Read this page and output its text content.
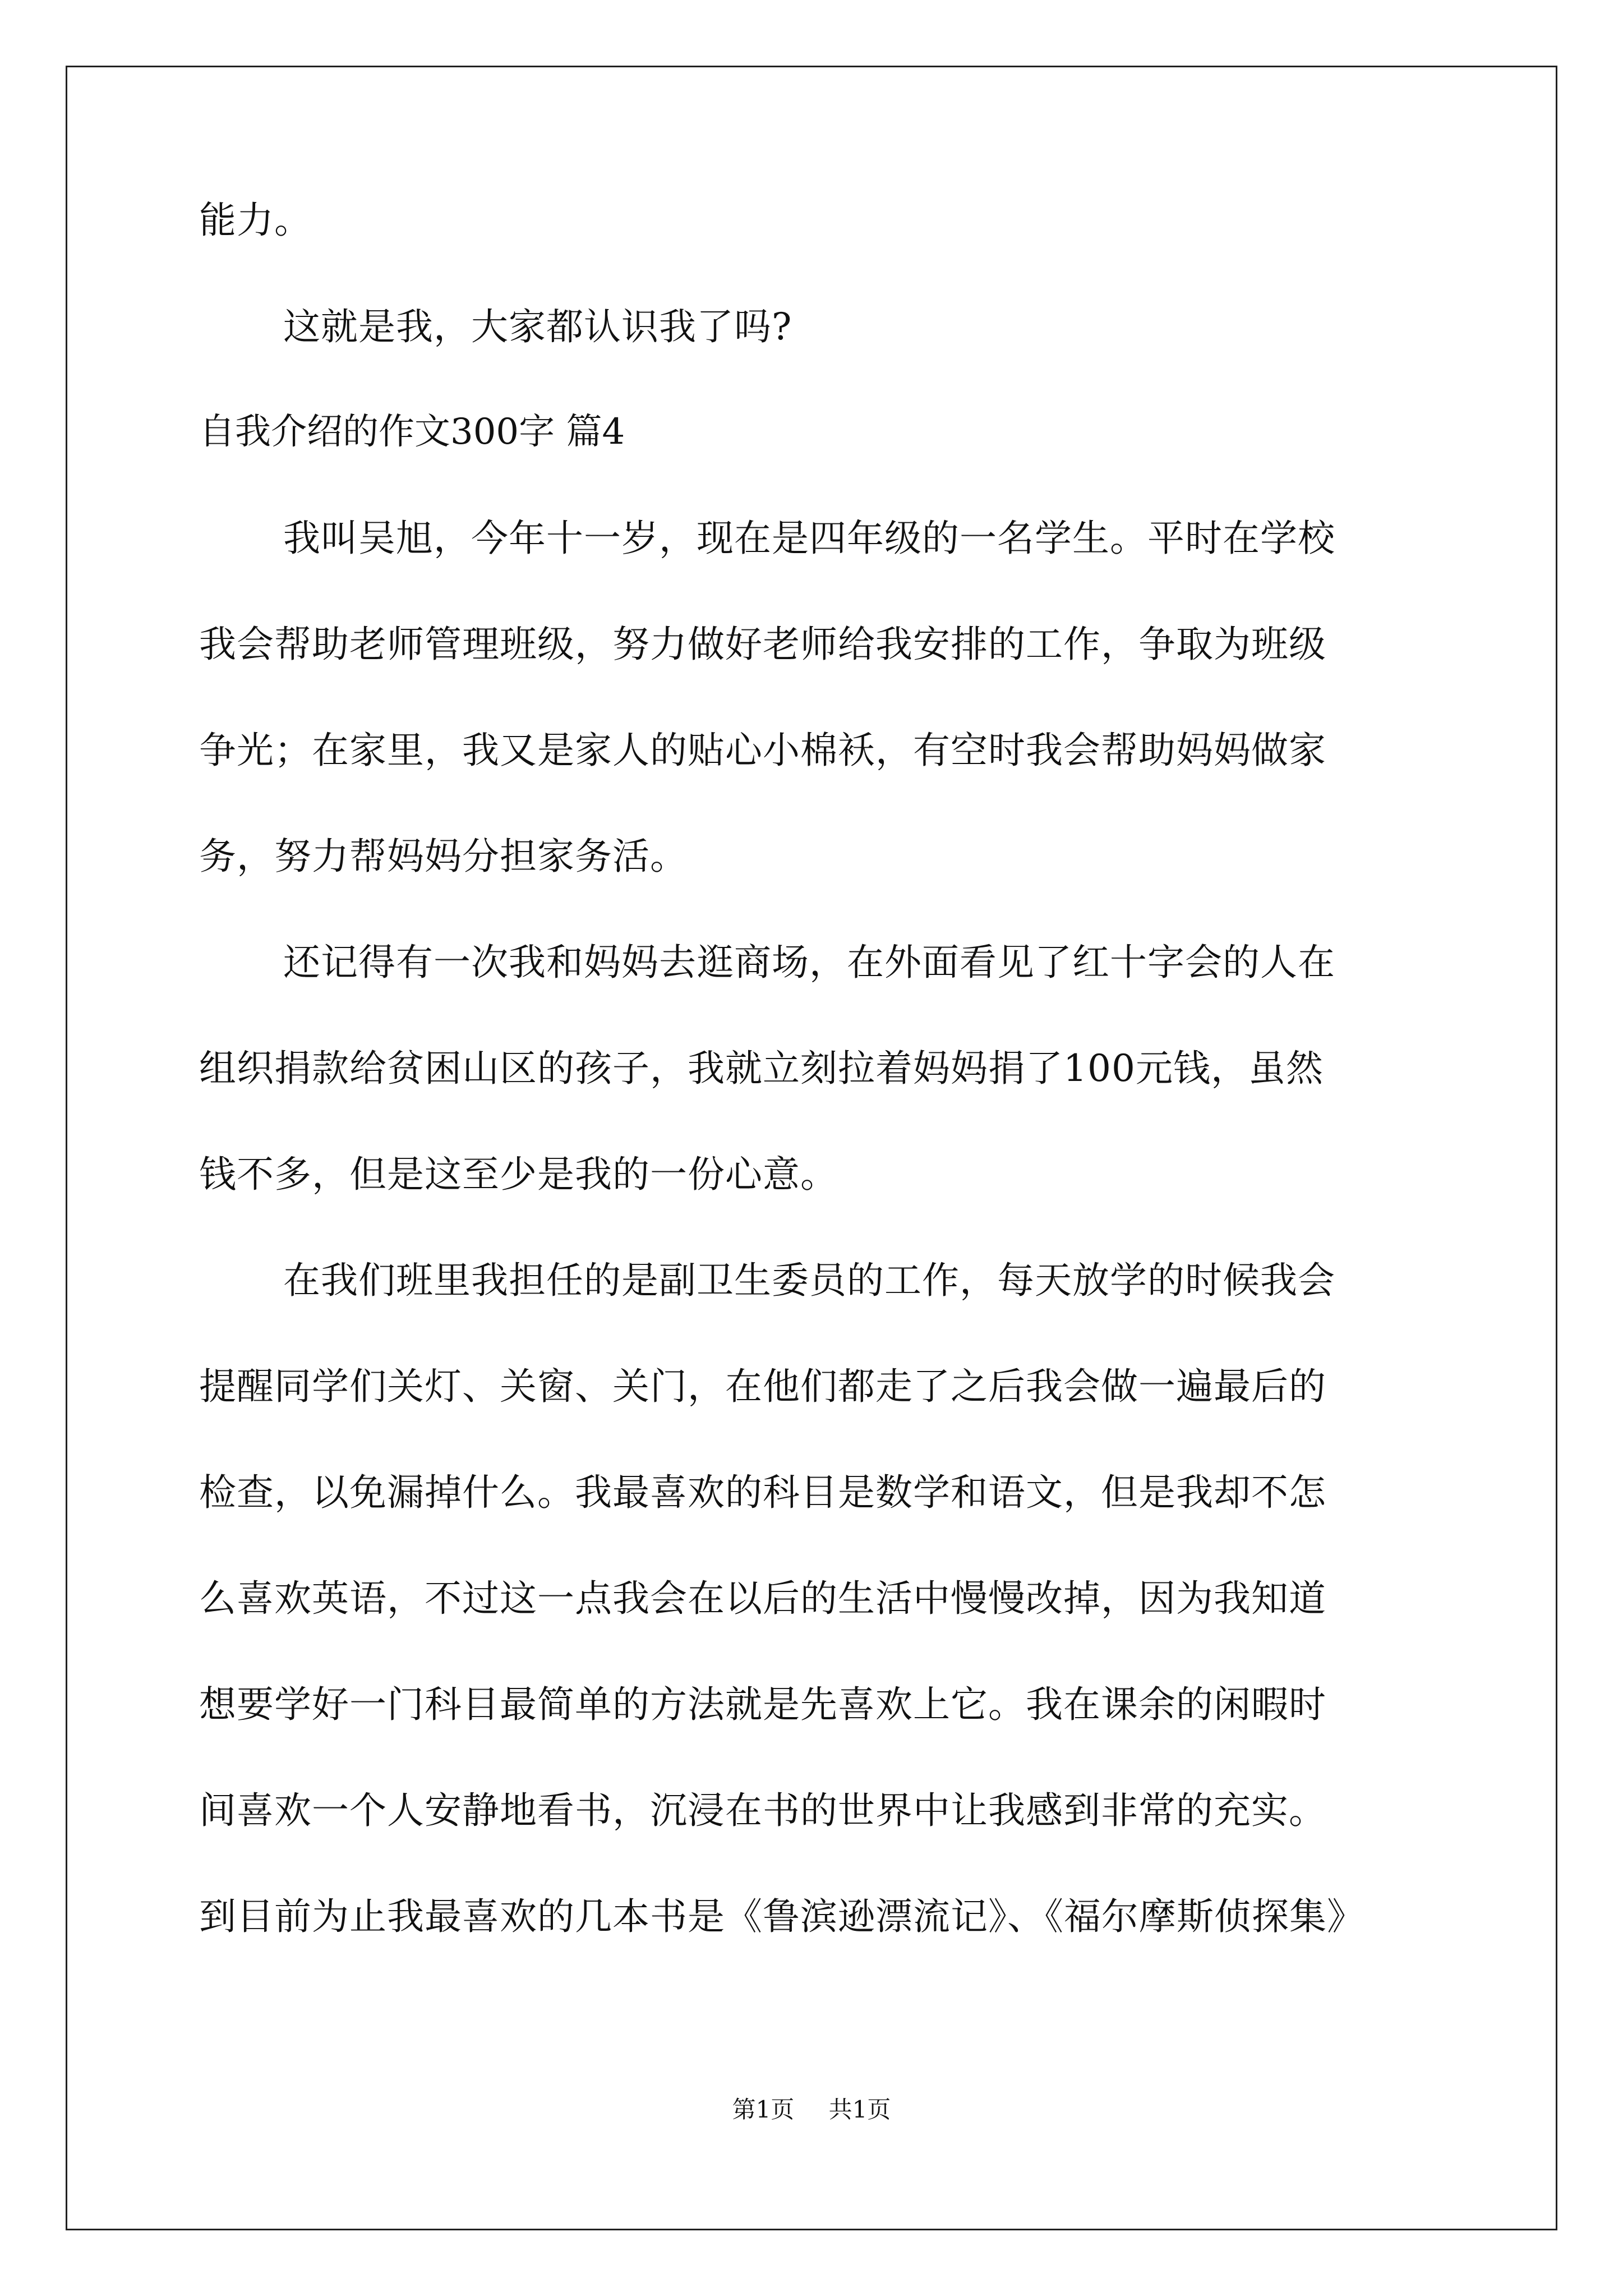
能力。
这就是我，大家都认识我了吗?
自我介绍的作文300字 篇4
我叫吴旭，今年十一岁，现在是四年级的一名学生。平时在学校
我会帮助老师管理班级，努力做好老师给我安排的工作，争取为班级
争光；在家里，我又是家人的贴心小棉袄，有空时我会帮助妈妈做家
务，努力帮妈妈分担家务活。
还记得有一次我和妈妈去逛商场，在外面看见了红十字会的人在
组织捐款给贫困山区的孩子，我就立刻拉着妈妈捐了100元钱，虽然
钱不多，但是这至少是我的一份心意。
在我们班里我担任的是副卫生委员的工作，每天放学的时候我会
提醒同学们关灯、关窗、关门，在他们都走了之后我会做一遍最后的
检查，以免漏掉什么。我最喜欢的科目是数学和语文，但是我却不怎
么喜欢英语，不过这一点我会在以后的生活中慢慢改掉，因为我知道
想要学好一门科目最简单的方法就是先喜欢上它。我在课余的闲暇时
间喜欢一个人安静地看书，沉浸在书的世界中让我感到非常的充实。
到目前为止我最喜欢的几本书是《鲁滨逊漂流记》、《福尔摩斯侦探集》
第1页 共1页
